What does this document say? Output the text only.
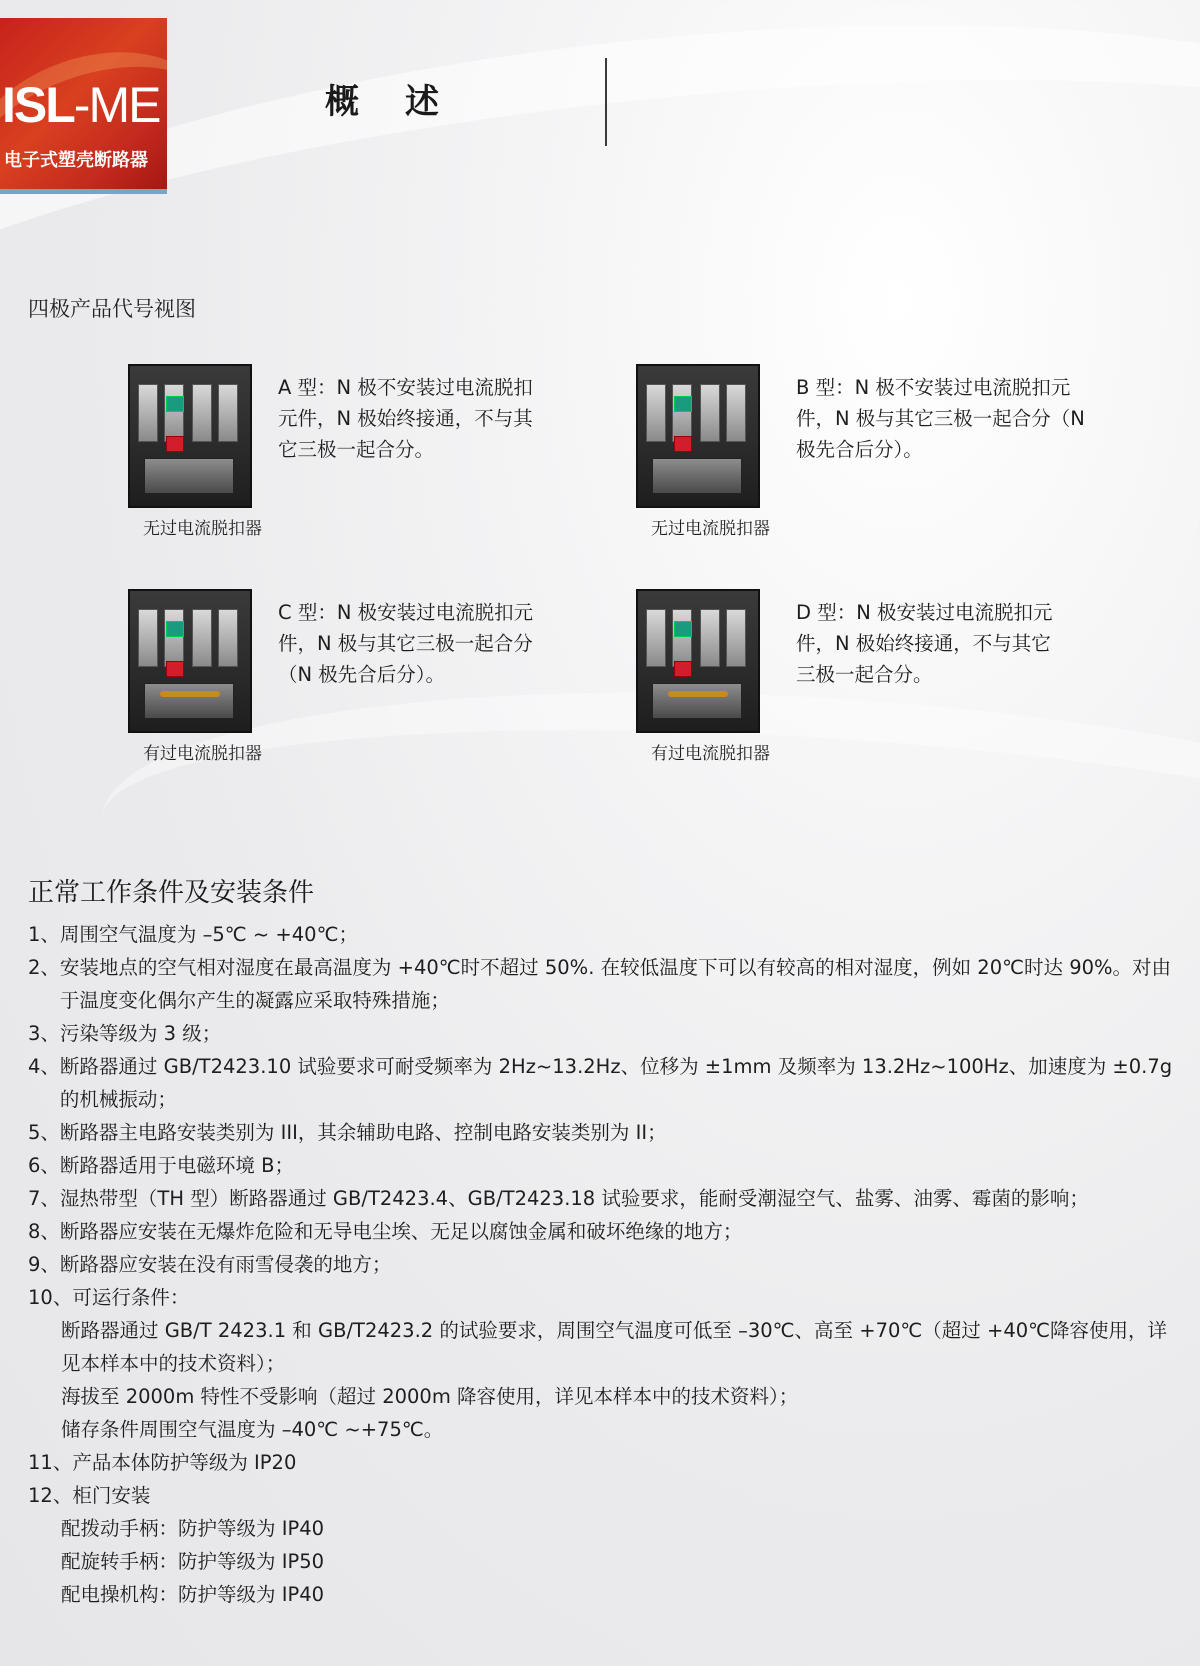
ISL-ME
电子式塑壳断路器
概述
四极产品代号视图
无过电流脱扣器
A 型：N 极不安装过电流脱扣元件，N 极始终接通，不与其它三极一起合分。
无过电流脱扣器
B 型：N 极不安装过电流脱扣元件，N 极与其它三极一起合分（N 极先合后分）。
有过电流脱扣器
C 型：N 极安装过电流脱扣元件，N 极与其它三极一起合分（N 极先合后分）。
有过电流脱扣器
D 型：N 极安装过电流脱扣元件，N 极始终接通，不与其它三极一起合分。
正常工作条件及安装条件
1、 周围空气温度为 –5℃ ~ +40℃；
2、 安装地点的空气相对湿度在最高温度为 +40℃时不超过 50%. 在较低温度下可以有较高的相对湿度，例如 20℃时达 90%。对由于温度变化偶尔产生的凝露应采取特殊措施；
3、 污染等级为 3 级；
4、 断路器通过 GB/T2423.10 试验要求可耐受频率为 2Hz~13.2Hz、位移为 ±1mm 及频率为 13.2Hz~100Hz、加速度为 ±0.7g 的机械振动；
5、 断路器主电路安装类别为 III，其余辅助电路、控制电路安装类别为 II；
6、 断路器适用于电磁环境 B；
7、 湿热带型（TH 型）断路器通过 GB/T2423.4、GB/T2423.18 试验要求，能耐受潮湿空气、盐雾、油雾、霉菌的影响；
8、 断路器应安装在无爆炸危险和无导电尘埃、无足以腐蚀金属和破坏绝缘的地方；
9、 断路器应安装在没有雨雪侵袭的地方；
10、 可运行条件：
断路器通过 GB/T 2423.1 和 GB/T2423.2 的试验要求，周围空气温度可低至 –30℃、高至 +70℃（超过 +40℃降容使用，详见本样本中的技术资料）；
海拔至 2000m 特性不受影响（超过 2000m 降容使用，详见本样本中的技术资料）；
储存条件周围空气温度为 –40℃ ~+75℃。
11、 产品本体防护等级为 IP20
12、 柜门安装
配拨动手柄：防护等级为 IP40
配旋转手柄：防护等级为 IP50
配电操机构：防护等级为 IP40
